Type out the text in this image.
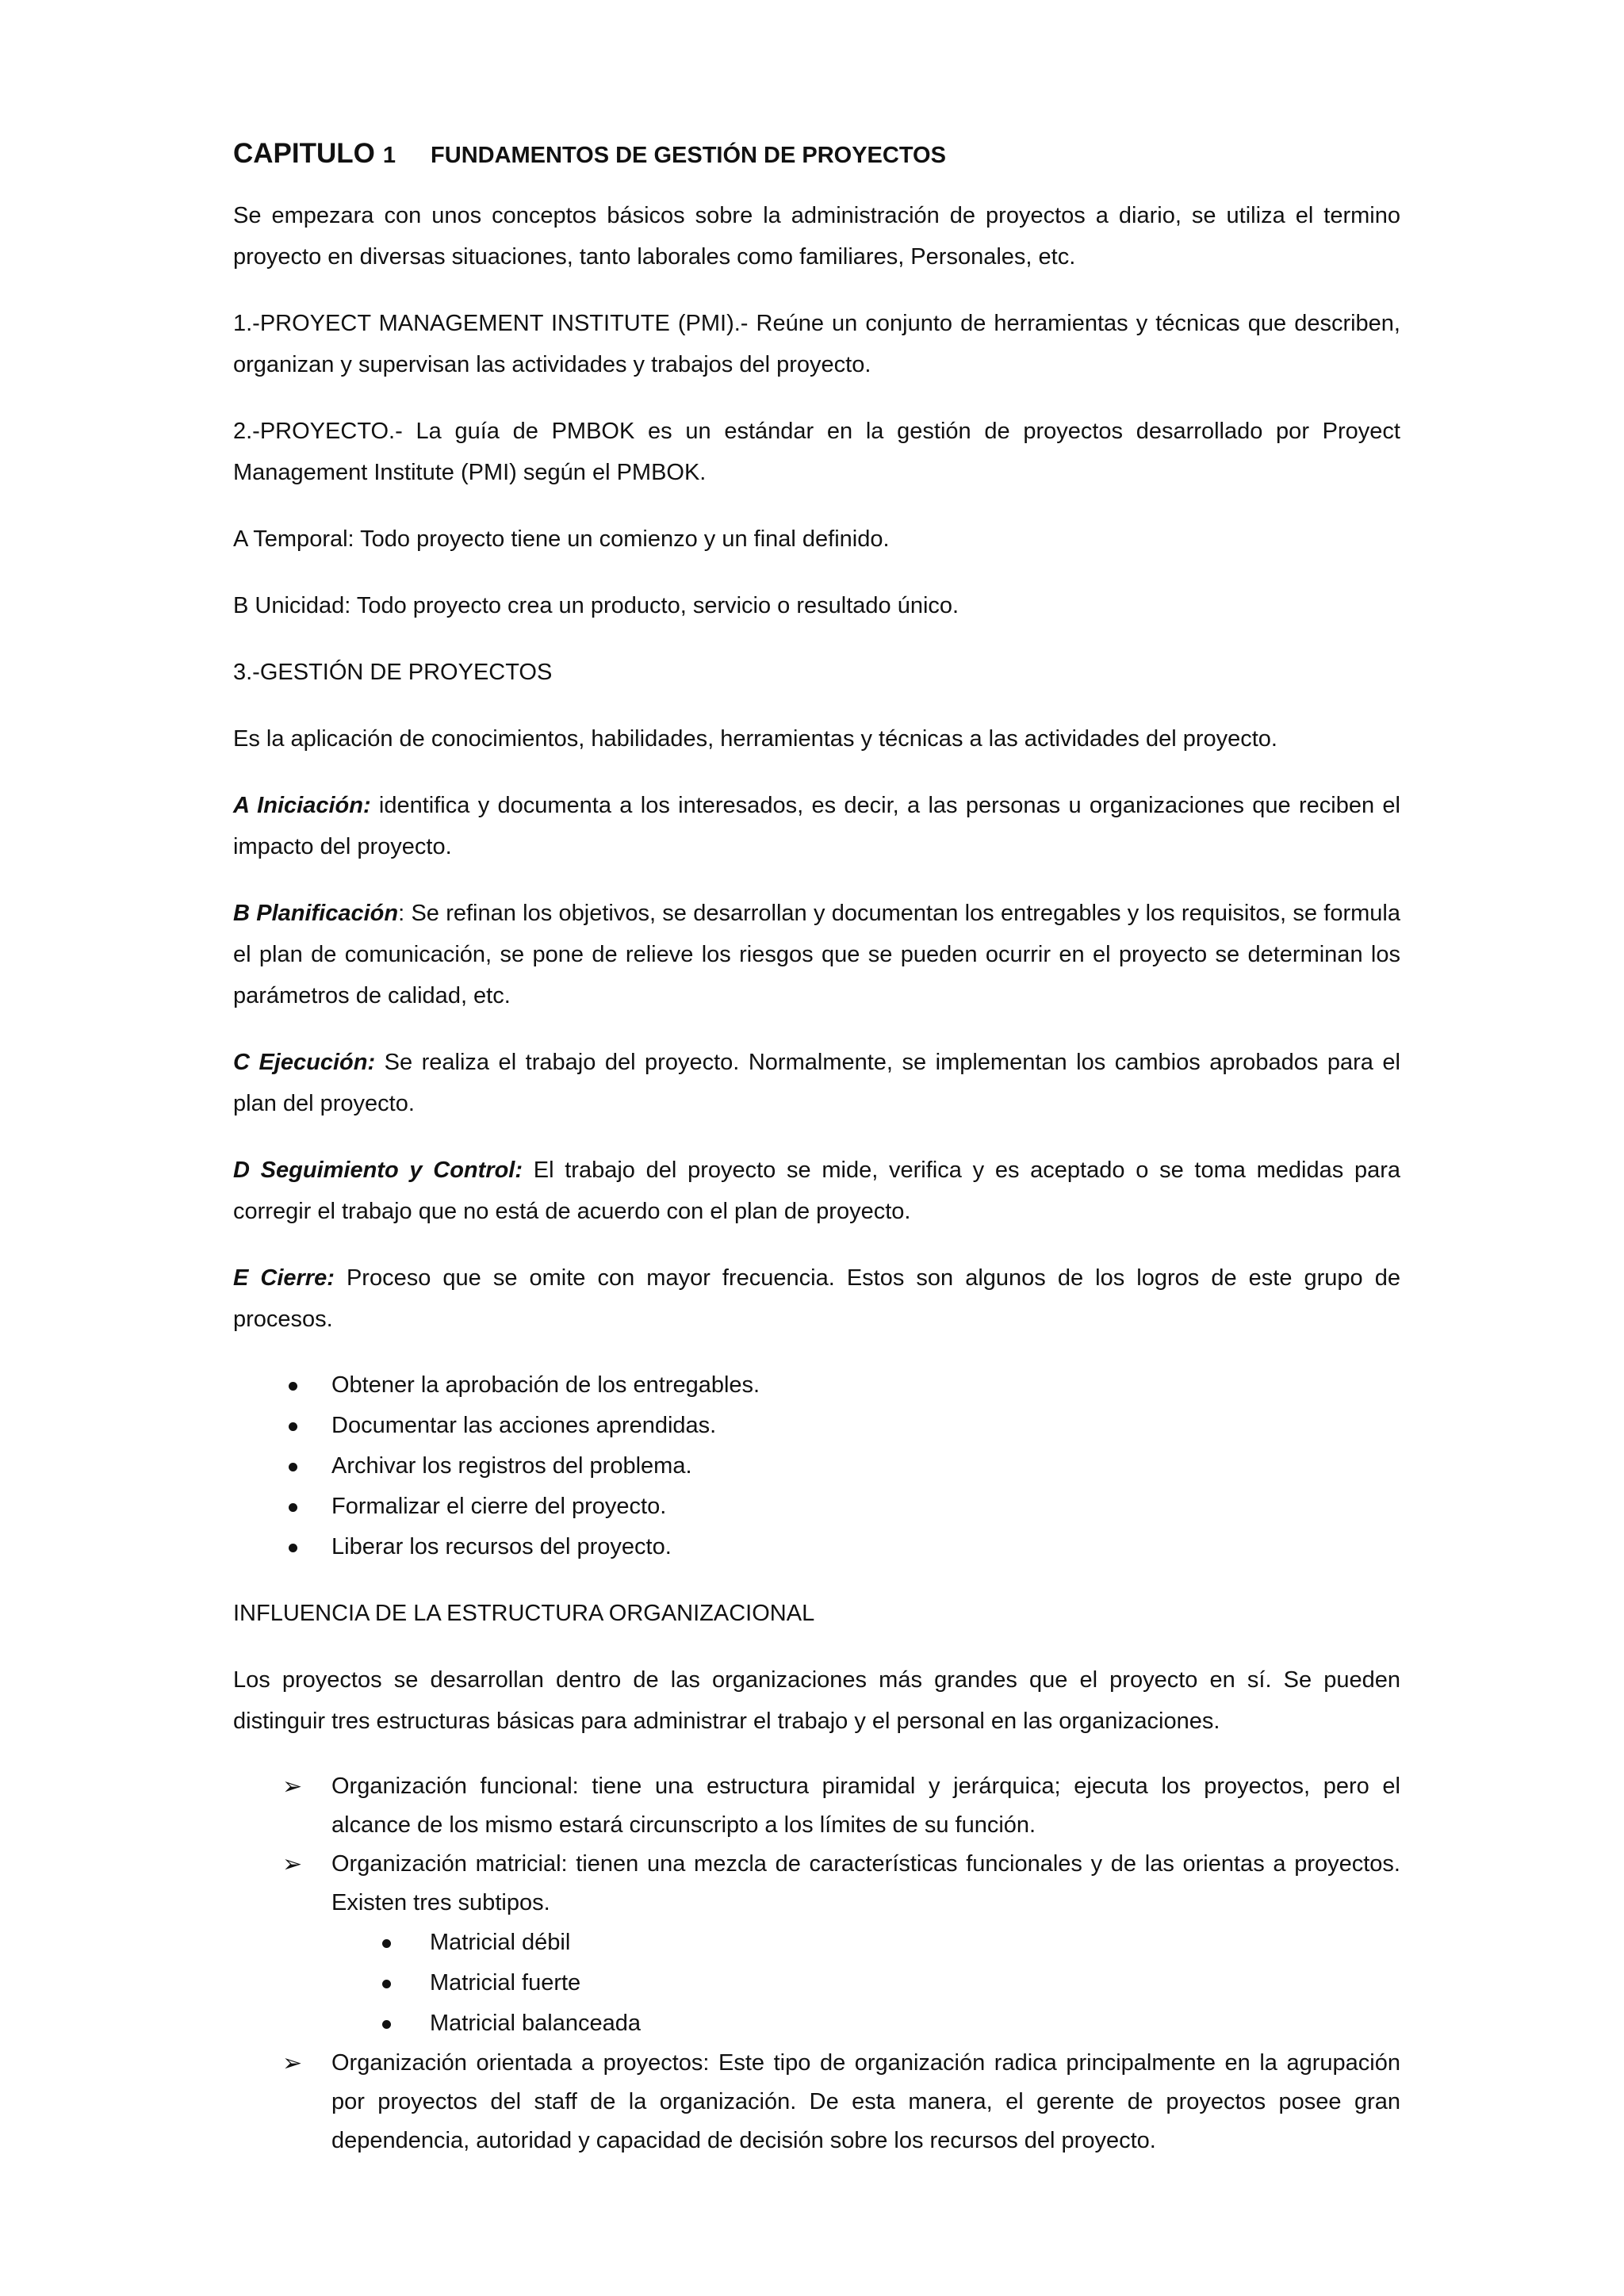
CAPITULO 1 FUNDAMENTOS DE GESTIÓN DE PROYECTOS

Se empezara con unos conceptos básicos sobre la administración de proyectos a diario, se utiliza el termino proyecto en diversas situaciones, tanto laborales como familiares, Personales, etc.

1.-PROYECT MANAGEMENT INSTITUTE (PMI).- Reúne un conjunto de herramientas y técnicas que describen, organizan y supervisan las actividades y trabajos del proyecto.

2.-PROYECTO.- La guía de PMBOK es un estándar en la gestión de proyectos desarrollado por Proyect Management Institute (PMI) según el PMBOK.

A Temporal: Todo proyecto tiene un comienzo y un final definido.

B Unicidad: Todo proyecto crea un producto, servicio o resultado único.

3.-GESTIÓN DE PROYECTOS

Es la aplicación de conocimientos, habilidades, herramientas y técnicas a las actividades del proyecto.

A Iniciación: identifica y documenta a los interesados, es decir, a las personas u organizaciones que reciben el impacto del proyecto.

B Planificación: Se refinan los objetivos, se desarrollan y documentan los entregables y los requisitos, se formula el plan de comunicación, se pone de relieve los riesgos que se pueden ocurrir en el proyecto se determinan los parámetros de calidad, etc.

C Ejecución: Se realiza el trabajo del proyecto. Normalmente, se implementan los cambios aprobados para el plan del proyecto.

D Seguimiento y Control: El trabajo del proyecto se mide, verifica y es aceptado o se toma medidas para corregir el trabajo que no está de acuerdo con el plan de proyecto.

E Cierre: Proceso que se omite con mayor frecuencia. Estos son algunos de los logros de este grupo de procesos.

Obtener la aprobación de los entregables.
Documentar las acciones aprendidas.
Archivar los registros del problema.
Formalizar el cierre del proyecto.
Liberar los recursos del proyecto.

INFLUENCIA DE LA ESTRUCTURA ORGANIZACIONAL

Los proyectos se desarrollan dentro de las organizaciones más grandes que el proyecto en sí. Se pueden distinguir tres estructuras básicas para administrar el trabajo y el personal en las organizaciones.

➢ Organización funcional: tiene una estructura piramidal y jerárquica; ejecuta los proyectos, pero el alcance de los mismo estará circunscripto a los límites de su función.
➢ Organización matricial: tienen una mezcla de características funcionales y de las orientas a proyectos. Existen tres subtipos.
Matricial débil
Matricial fuerte
Matricial balanceada
➢ Organización orientada a proyectos: Este tipo de organización radica principalmente en la agrupación por proyectos del staff de la organización. De esta manera, el gerente de proyectos posee gran dependencia, autoridad y capacidad de decisión sobre los recursos del proyecto.
